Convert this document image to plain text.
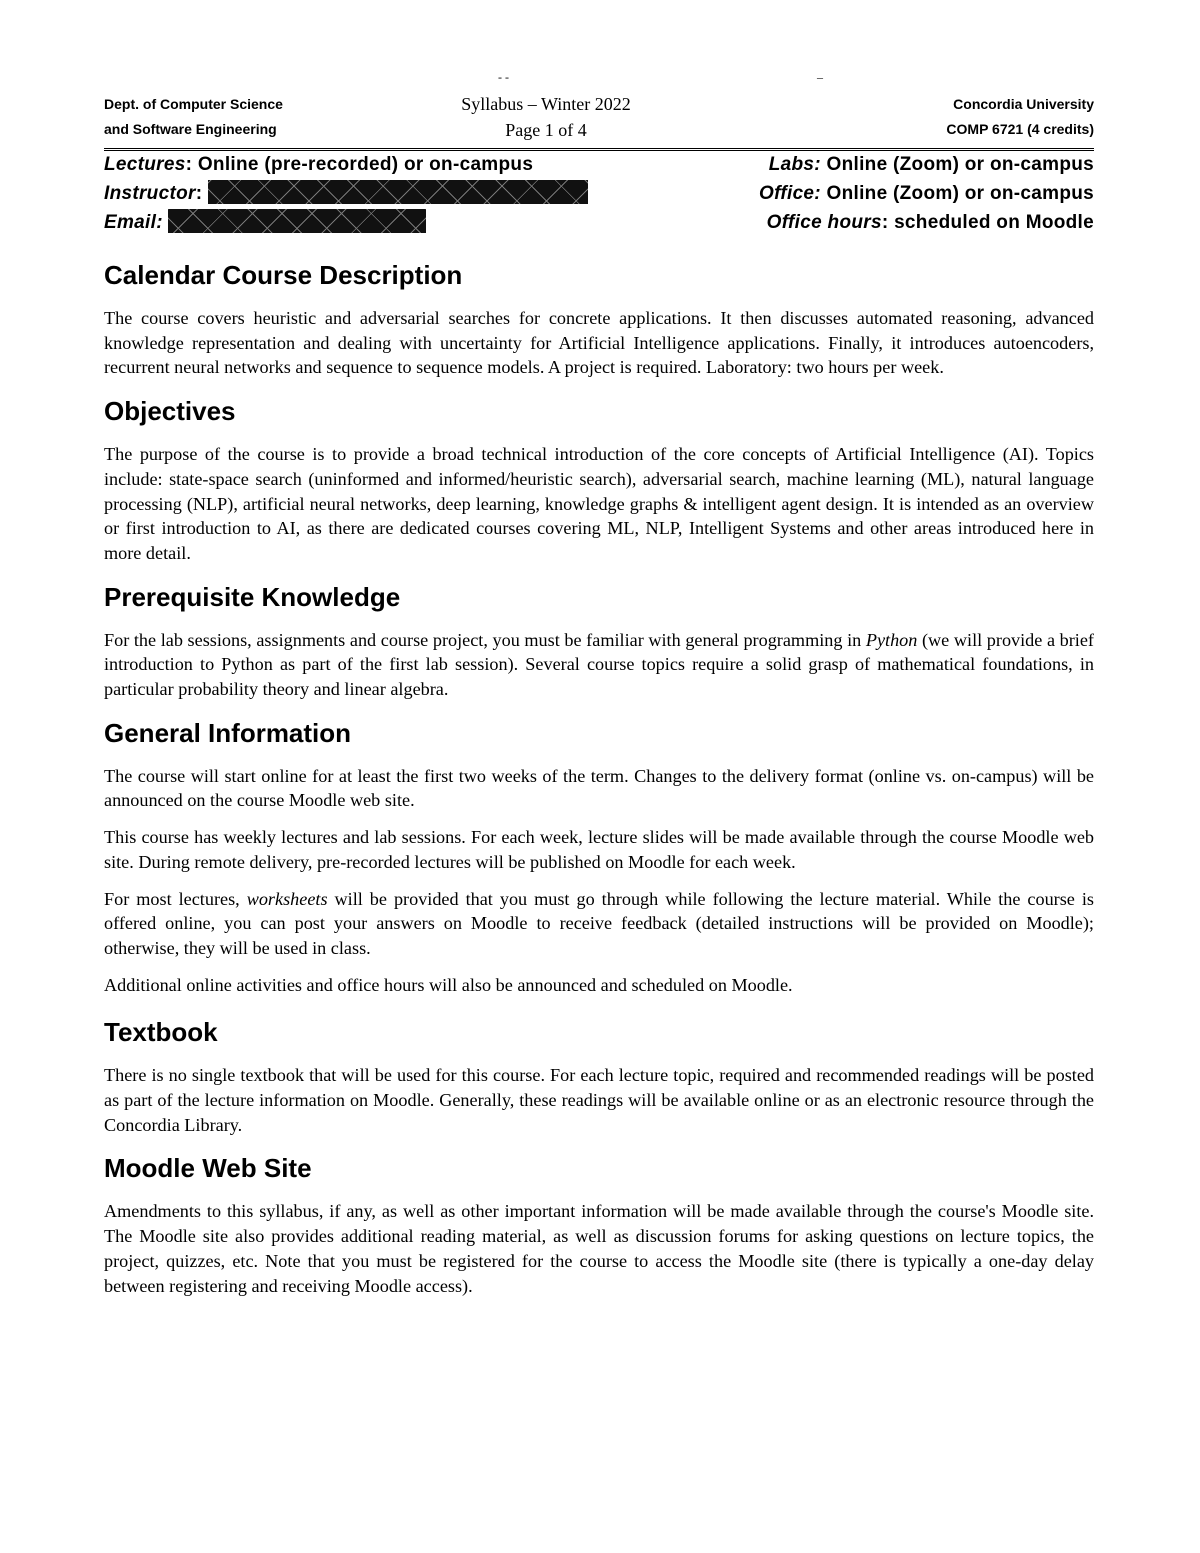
- -	–
Dept. of Computer Science
and Software Engineering
Syllabus – Winter 2022
Page 1 of 4
Concordia University
COMP 6721 (4 credits)
Lectures: Online (pre-recorded) or on-campus	Labs: Online (Zoom) or on-campus
Instructor:	Office: Online (Zoom) or on-campus
Email:	Office hours: scheduled on Moodle
Calendar Course Description

The course covers heuristic and adversarial searches for concrete applications. It then discusses automated reasoning, advanced knowledge representation and dealing with uncertainty for Artificial Intelligence applications. Finally, it introduces autoencoders, recurrent neural networks and sequence to sequence models. A project is required. Laboratory: two hours per week.

Objectives

The purpose of the course is to provide a broad technical introduction of the core concepts of Artificial Intelligence (AI). Topics include: state-space search (uninformed and informed/heuristic search), adversarial search, machine learning (ML), natural language processing (NLP), artificial neural networks, deep learning, knowledge graphs & intelligent agent design. It is intended as an overview or first introduction to AI, as there are dedicated courses covering ML, NLP, Intelligent Systems and other areas introduced here in more detail.

Prerequisite Knowledge

For the lab sessions, assignments and course project, you must be familiar with general programming in Python (we will provide a brief introduction to Python as part of the first lab session). Several course topics require a solid grasp of mathematical foundations, in particular probability theory and linear algebra.

General Information

The course will start online for at least the first two weeks of the term. Changes to the delivery format (online vs. on-campus) will be announced on the course Moodle web site.

This course has weekly lectures and lab sessions. For each week, lecture slides will be made available through the course Moodle web site. During remote delivery, pre-recorded lectures will be published on Moodle for each week.

For most lectures, worksheets will be provided that you must go through while following the lecture material. While the course is offered online, you can post your answers on Moodle to receive feedback (detailed instructions will be provided on Moodle); otherwise, they will be used in class.

Additional online activities and office hours will also be announced and scheduled on Moodle.

Textbook

There is no single textbook that will be used for this course. For each lecture topic, required and recommended readings will be posted as part of the lecture information on Moodle. Generally, these readings will be available online or as an electronic resource through the Concordia Library.

Moodle Web Site

Amendments to this syllabus, if any, as well as other important information will be made available through the course's Moodle site. The Moodle site also provides additional reading material, as well as discussion forums for asking questions on lecture topics, the project, quizzes, etc. Note that you must be registered for the course to access the Moodle site (there is typically a one-day delay between registering and receiving Moodle access).
